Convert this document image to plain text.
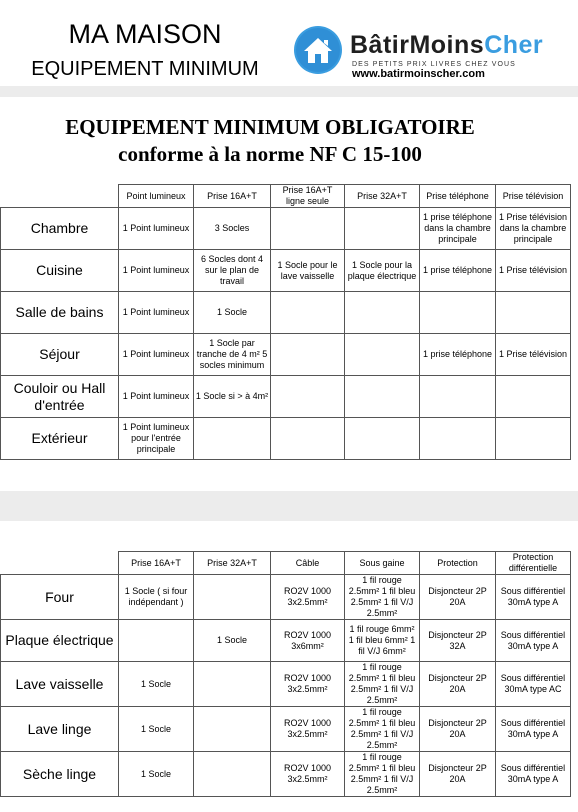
MA MAISON
EQUIPEMENT MINIMUM
BâtirMoinsCher
DES PETITS PRIX LIVRES CHEZ VOUS
www.batirmoinscher.com
EQUIPEMENT MINIMUM OBLIGATOIRE
conforme à la norme NF C 15-100
	Point lumineux	Prise 16A+T	Prise 16A+T ligne seule	Prise 32A+T	Prise téléphone	Prise télévision
Chambre	1 Point lumineux	3 Socles			1 prise téléphone dans la chambre principale	1 Prise télévision dans la chambre principale
Cuisine	1 Point lumineux	6 Socles dont 4 sur le plan de travail	1 Socle pour le lave vaisselle	1 Socle pour la plaque électrique	1 prise téléphone	1 Prise télévision
Salle de bains	1 Point lumineux	1 Socle				
Séjour	1 Point lumineux	1 Socle par tranche de 4 m² 5 socles minimum			1 prise téléphone	1 Prise télévision
Couloir ou Hall d'entrée	1 Point lumineux	1 Socle si > à 4m²				
Extérieur	1 Point lumineux pour l'entrée principale					
	Prise 16A+T	Prise 32A+T	Câble	Sous gaine	Protection	Protection différentielle
Four	1 Socle ( si four indépendant )		RO2V 1000 3x2.5mm²	1 fil rouge 2.5mm² 1 fil bleu 2.5mm² 1 fil V/J 2.5mm²	Disjoncteur 2P 20A	Sous différentiel 30mA type A
Plaque électrique		1 Socle	RO2V 1000 3x6mm²	1 fil rouge 6mm² 1 fil bleu 6mm² 1 fil V/J 6mm²	Disjoncteur 2P 32A	Sous différentiel 30mA type A
Lave vaisselle	1 Socle		RO2V 1000 3x2.5mm²	1 fil rouge 2.5mm² 1 fil bleu 2.5mm² 1 fil V/J 2.5mm²	Disjoncteur 2P 20A	Sous différentiel 30mA type AC
Lave linge	1 Socle		RO2V 1000 3x2.5mm²	1 fil rouge 2.5mm² 1 fil bleu 2.5mm² 1 fil V/J 2.5mm²	Disjoncteur 2P 20A	Sous différentiel 30mA type A
Sèche linge	1 Socle		RO2V 1000 3x2.5mm²	1 fil rouge 2.5mm² 1 fil bleu 2.5mm² 1 fil V/J 2.5mm²	Disjoncteur 2P 20A	Sous différentiel 30mA type A
